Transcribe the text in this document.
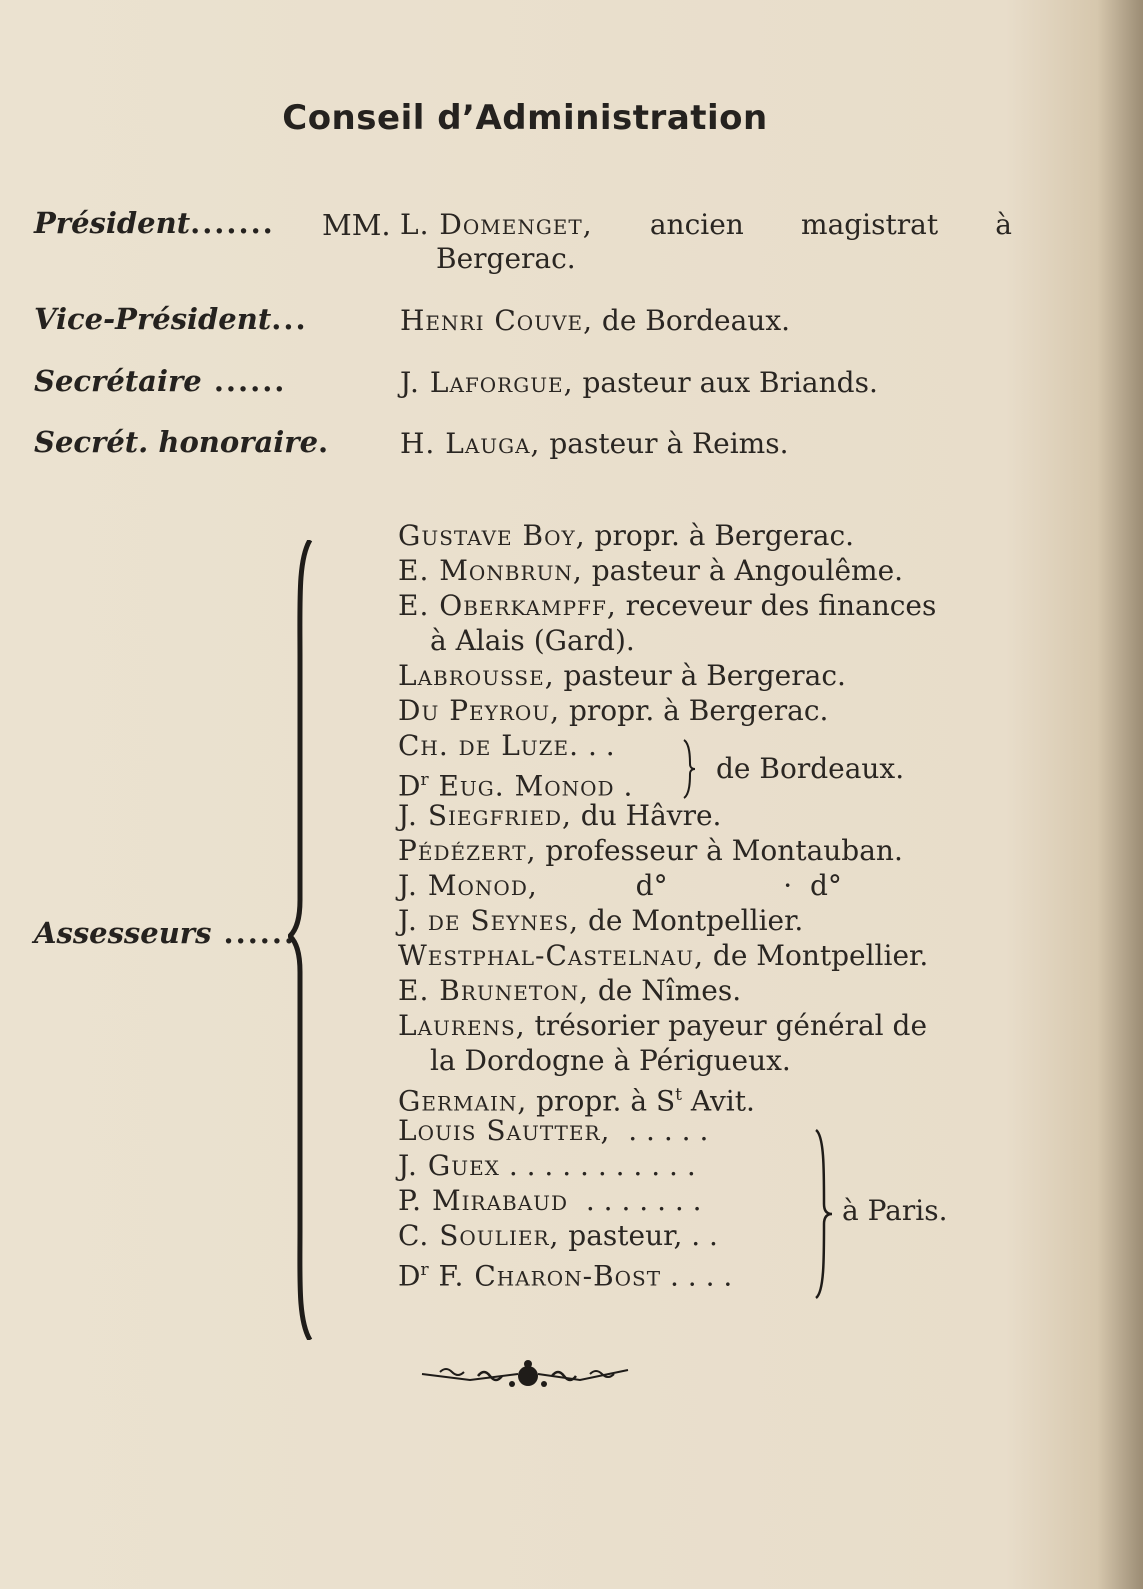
Conseil d’Administration
Président....... MM. L. Domenget, ancien magistrat à
Bergerac.
Vice-Président...	Henri Couve, de Bordeaux.
Secrétaire ......	J. Laforgue, pasteur aux Briands.
Secrét. honoraire. H. Lauga, pasteur à Reims.
Assesseurs ......
Gustave Boy, propr. à Bergerac.
E. Monbrun, pasteur à Angoulême.
E. Oberkampff, receveur des finances
à Alais (Gard).
Labrousse, pasteur à Bergerac.
Du Peyrou, propr. à Bergerac.
Ch. de Luze. . .
$D^r$ Eug. Monod .
J. Siegfried, du Hâvre.
Pédézert, professeur à Montauban.
J. Monod,           d°             ·  d°
J. de Seynes, de Montpellier.
Westphal-Castelnau, de Montpellier.
E. Bruneton, de Nîmes.
Laurens, trésorier payeur général de
la Dordogne à Périgueux.
Germain, propr. à $S^t$ Avit.
Louis Sautter,  . . . . .
J. Guex . . . . . . . . . . .
P. Mirabaud  . . . . . . .
C. Soulier, pasteur, . .
$D^r$ F. Charon-Bost . . . .
de Bordeaux.
à Paris.
